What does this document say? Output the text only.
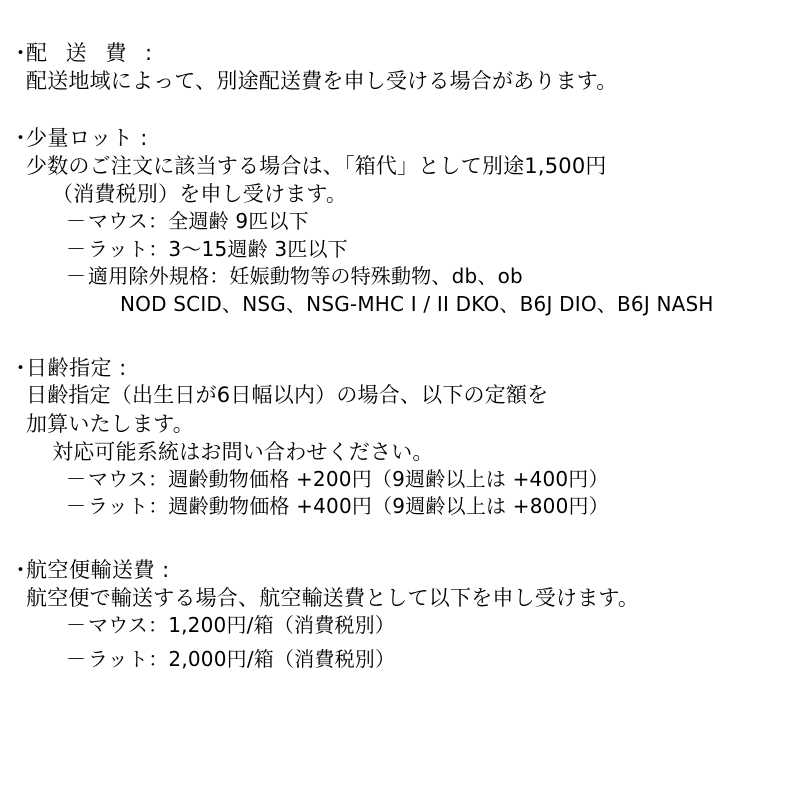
・配 送 費 :
配送地域によって、別途配送費を申し受ける場合があります。
・少量ロット :
少数のご注文に該当する場合は、「箱代」として別途1,500円
（消費税別）を申し受けます。
－マウス：全週齢 9匹以下
－ラット：3〜15週齢 3匹以下
－適用除外規格：妊娠動物等の特殊動物、db、ob
NOD SCID、NSG、NSG-MHC I / II DKO、B6J DIO、B6J NASH
・日齢指定 :
日齢指定（出生日が6日幅以内）の場合、以下の定額を
加算いたします。
対応可能系統はお問い合わせください。
－マウス：週齢動物価格 +200円（9週齢以上は +400円）
－ラット：週齢動物価格 +400円（9週齢以上は +800円）
・航空便輸送費 :
航空便で輸送する場合、航空輸送費として以下を申し受けます。
－マウス：1,200円/箱（消費税別）
－ラット：2,000円/箱（消費税別）
